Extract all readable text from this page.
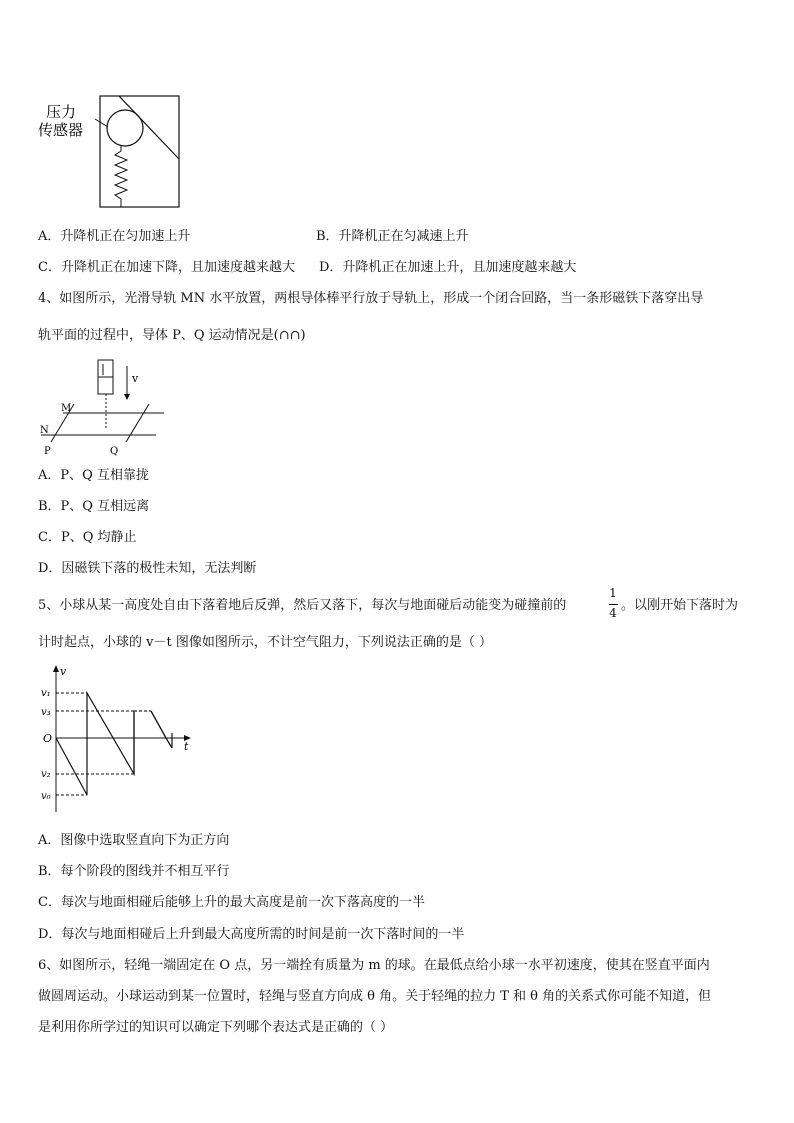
压力
传感器
A．升降机正在匀加速上升	B．升降机正在匀减速上升
C．升降机正在加速下降，且加速度越来越大 D．升降机正在加速上升，且加速度越来越大
4、如图所示，光滑导轨 MN 水平放置，两根导体棒平行放于导轨上，形成一个闭合回路，当一条形磁铁下落穿出导
轨平面的过程中，导体 P、Q 运动情况是(∩∩)
v
M
N
P	Q
A．P、Q 互相靠拢
B．P、Q 互相远离
C．P、Q 均静止
D．因磁铁下落的极性未知，无法判断
5、小球从某一高度处自由下落着地后反弹，然后又落下，每次与地面碰后动能变为碰撞前的
1
4 。以刚开始下落时为
计时起点，小球的 v－t 图像如图所示，不计空气阻力，下列说法正确的是（ ）
v
t
O
v₁
v₃
v₂
v₀
A．图像中选取竖直向下为正方向
B．每个阶段的图线并不相互平行
C．每次与地面相碰后能够上升的最大高度是前一次下落高度的一半
D．每次与地面相碰后上升到最大高度所需的时间是前一次下落时间的一半
6、如图所示，轻绳一端固定在 O 点，另一端拴有质量为 m 的球。在最低点给小球一水平初速度，使其在竖直平面内
做圆周运动。小球运动到某一位置时，轻绳与竖直方向成 θ 角。关于轻绳的拉力 T 和 θ 角的关系式你可能不知道，但
是利用你所学过的知识可以确定下列哪个表达式是正确的（ ）
